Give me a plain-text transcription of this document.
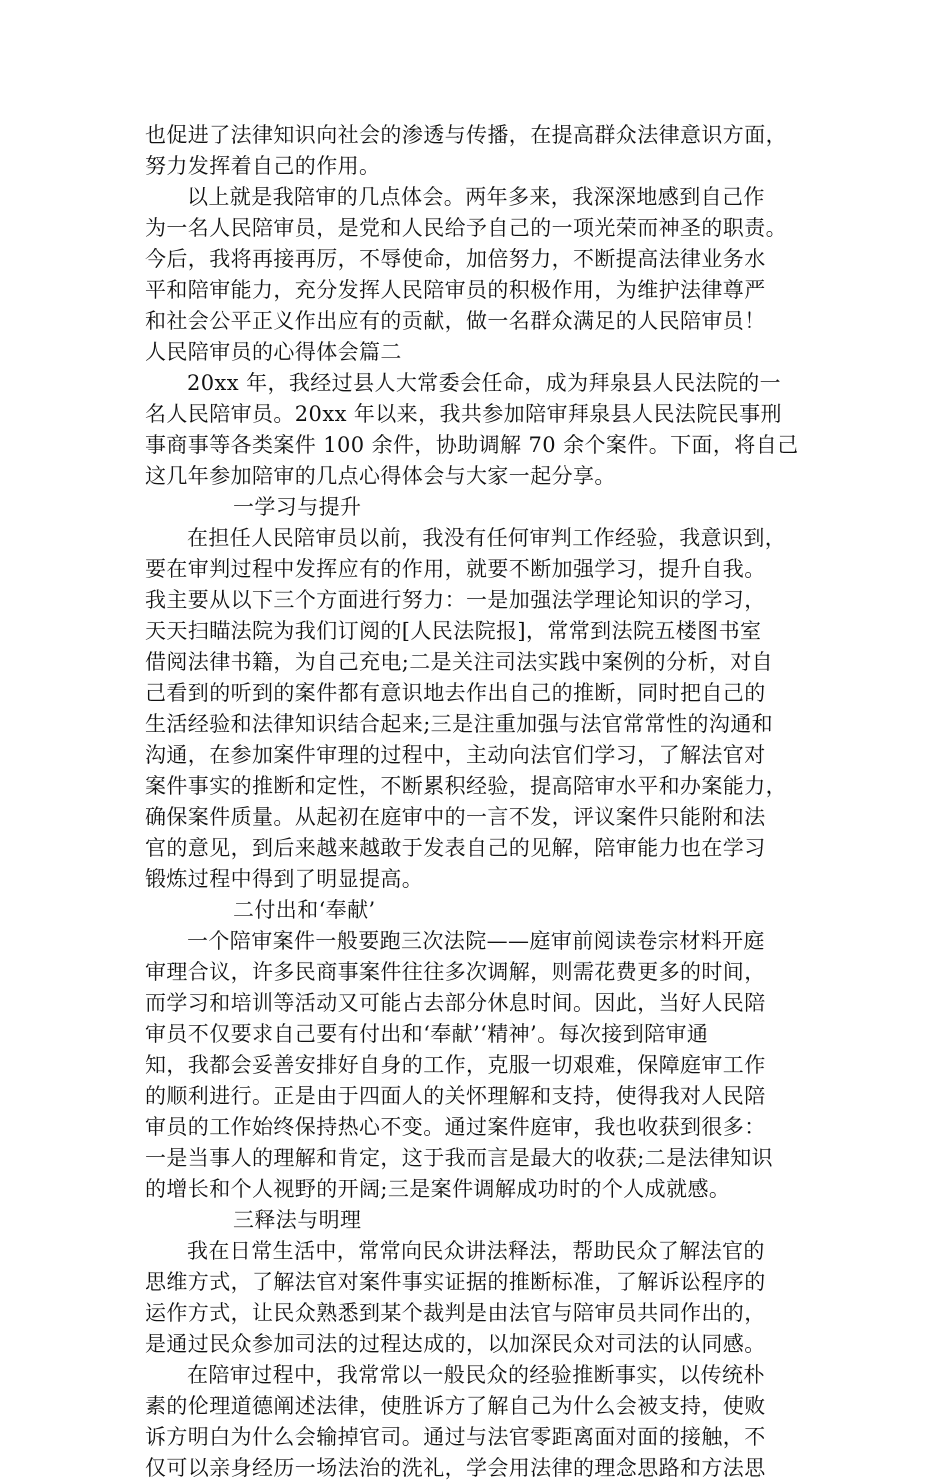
也促进了法律知识向社会的渗透与传播，在提高群众法律意识方面，
努力发挥着自己的作用。
以上就是我陪审的几点体会。两年多来，我深深地感到自己作
为一名人民陪审员，是党和人民给予自己的一项光荣而神圣的职责。
今后，我将再接再厉，不辱使命，加倍努力，不断提高法律业务水
平和陪审能力，充分发挥人民陪审员的积极作用，为维护法律尊严
和社会公平正义作出应有的贡献，做一名群众满足的人民陪审员！
人民陪审员的心得体会篇二
20xx 年，我经过县人大常委会任命，成为拜泉县人民法院的一
名人民陪审员。20xx 年以来，我共参加陪审拜泉县人民法院民事刑
事商事等各类案件 100 余件，协助调解 70 余个案件。下面，将自己
这几年参加陪审的几点心得体会与大家一起分享。
一学习与提升
在担任人民陪审员以前，我没有任何审判工作经验，我意识到，
要在审判过程中发挥应有的作用，就要不断加强学习，提升自我。
我主要从以下三个方面进行努力：一是加强法学理论知识的学习，
天天扫瞄法院为我们订阅的[人民法院报]，常常到法院五楼图书室
借阅法律书籍，为自己充电;二是关注司法实践中案例的分析，对自
己看到的听到的案件都有意识地去作出自己的推断，同时把自己的
生活经验和法律知识结合起来;三是注重加强与法官常常性的沟通和
沟通，在参加案件审理的过程中，主动向法官们学习，了解法官对
案件事实的推断和定性，不断累积经验，提高陪审水平和办案能力，
确保案件质量。从起初在庭审中的一言不发，评议案件只能附和法
官的意见，到后来越来越敢于发表自己的见解，陪审能力也在学习
锻炼过程中得到了明显提高。
二付出和‘奉献’
一个陪审案件一般要跑三次法院——庭审前阅读卷宗材料开庭
审理合议，许多民商事案件往往多次调解，则需花费更多的时间，
而学习和培训等活动又可能占去部分休息时间。因此，当好人民陪
审员不仅要求自己要有付出和‘奉献’‘精神’。每次接到陪审通
知，我都会妥善安排好自身的工作，克服一切艰难，保障庭审工作
的顺利进行。正是由于四面人的关怀理解和支持，使得我对人民陪
审员的工作始终保持热心不变。通过案件庭审，我也收获到很多：
一是当事人的理解和肯定，这于我而言是最大的收获;二是法律知识
的增长和个人视野的开阔;三是案件调解成功时的个人成就感。
三释法与明理
我在日常生活中，常常向民众讲法释法，帮助民众了解法官的
思维方式，了解法官对案件事实证据的推断标准，了解诉讼程序的
运作方式，让民众熟悉到某个裁判是由法官与陪审员共同作出的，
是通过民众参加司法的过程达成的，以加深民众对司法的认同感。
在陪审过程中，我常常以一般民众的经验推断事实，以传统朴
素的伦理道德阐述法律，使胜诉方了解自己为什么会被支持，使败
诉方明白为什么会输掉官司。通过与法官零距离面对面的接触，不
仅可以亲身经历一场法治的洗礼，学会用法律的理念思路和方法思
